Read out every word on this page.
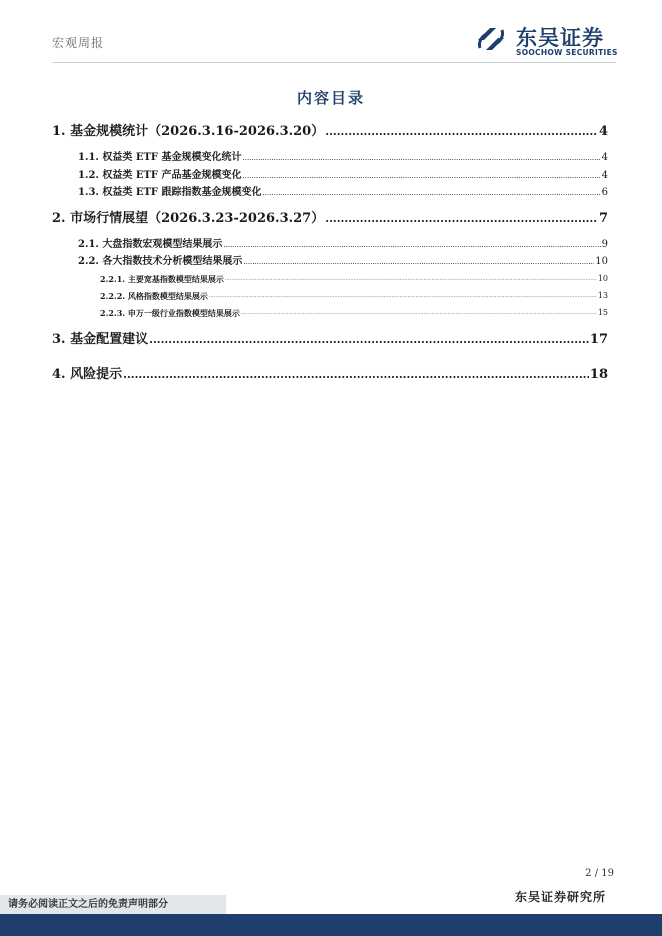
宏观周报	东吴证券
SOOCHOW SECURITIES
内容目录
1. 基金规模统计（2026.3.16-2026.3.20） .....	4
1.1. 权益类 ETF 基金规模变化统计 .....	4
1.2. 权益类 ETF 产品基金规模变化 .....	4
1.3. 权益类 ETF 跟踪指数基金规模变化 .....	6
2. 市场行情展望（2026.3.23-2026.3.27） .....	7
2.1. 大盘指数宏观模型结果展示 .....	9
2.2. 各大指数技术分析模型结果展示 .....	10
2.2.1. 主要宽基指数模型结果展示 .....	10
2.2.2. 风格指数模型结果展示 .....	13
2.2.3. 申万一级行业指数模型结果展示 .....	15
3. 基金配置建议 .....	17
4. 风险提示 .....	18
2 / 19
请务必阅读正文之后的免责声明部分
东吴证券研究所
